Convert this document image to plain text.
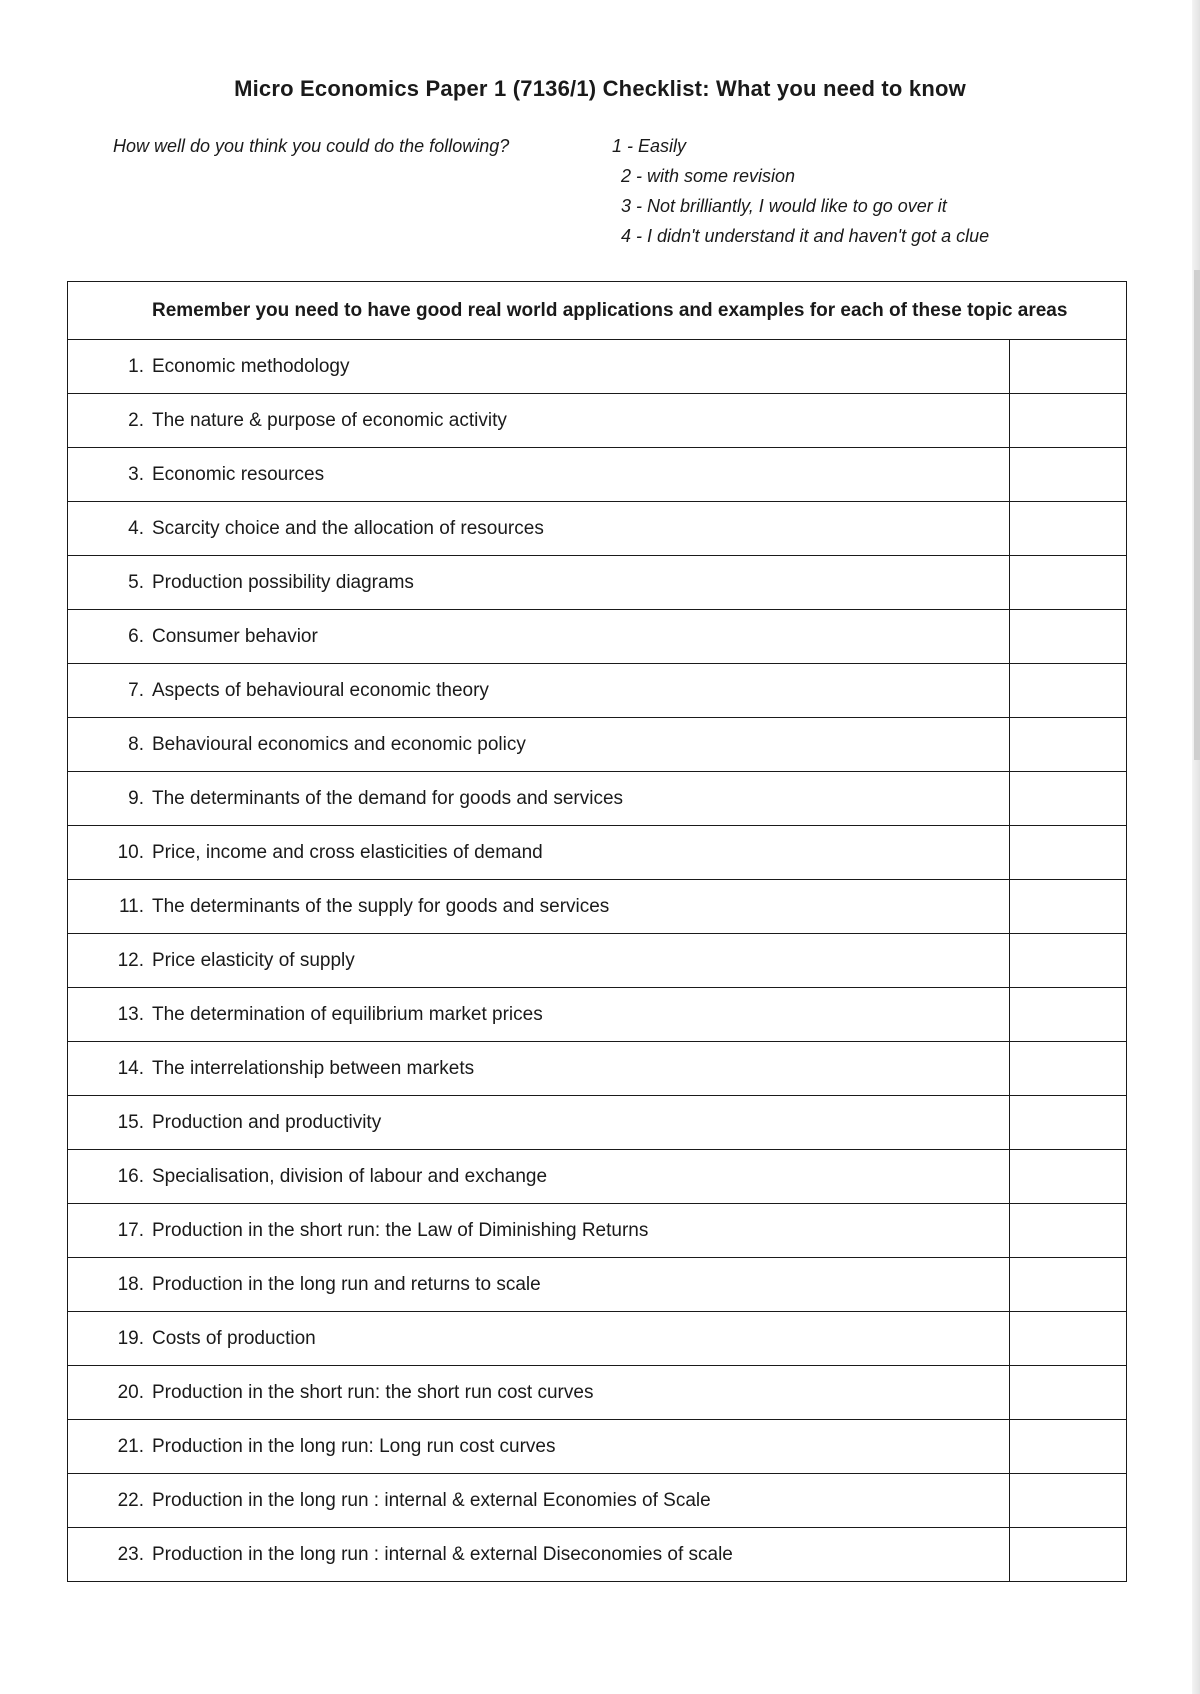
Micro Economics Paper 1 (7136/1) Checklist: What you need to know
How well do you think you could do the following?	1 - Easily
2 - with some revision
3 - Not brilliantly, I would like to go over it
4 - I didn't understand it and haven't got a clue
Remember you need to have good real world applications and examples for each of these topic areas	

1. Economic methodology	

2. The nature & purpose of economic activity	

3. Economic resources	

4. Scarcity choice and the allocation of resources	

5. Production possibility diagrams	

6. Consumer behavior	

7. Aspects of behavioural economic theory	

8. Behavioural economics and economic policy	

9. The determinants of the demand for goods and services	

10. Price, income and cross elasticities of demand	

11. The determinants of the supply for goods and services	

12. Price elasticity of supply	

13. The determination of equilibrium market prices	

14. The interrelationship between markets	

15. Production and productivity	

16. Specialisation, division of labour and exchange	

17. Production in the short run: the Law of Diminishing Returns	

18. Production in the long run and returns to scale	

19. Costs of production	

20. Production in the short run: the short run cost curves	

21. Production in the long run: Long run cost curves	

22. Production in the long run : internal & external Economies of Scale	

23. Production in the long run : internal & external Diseconomies of scale	
